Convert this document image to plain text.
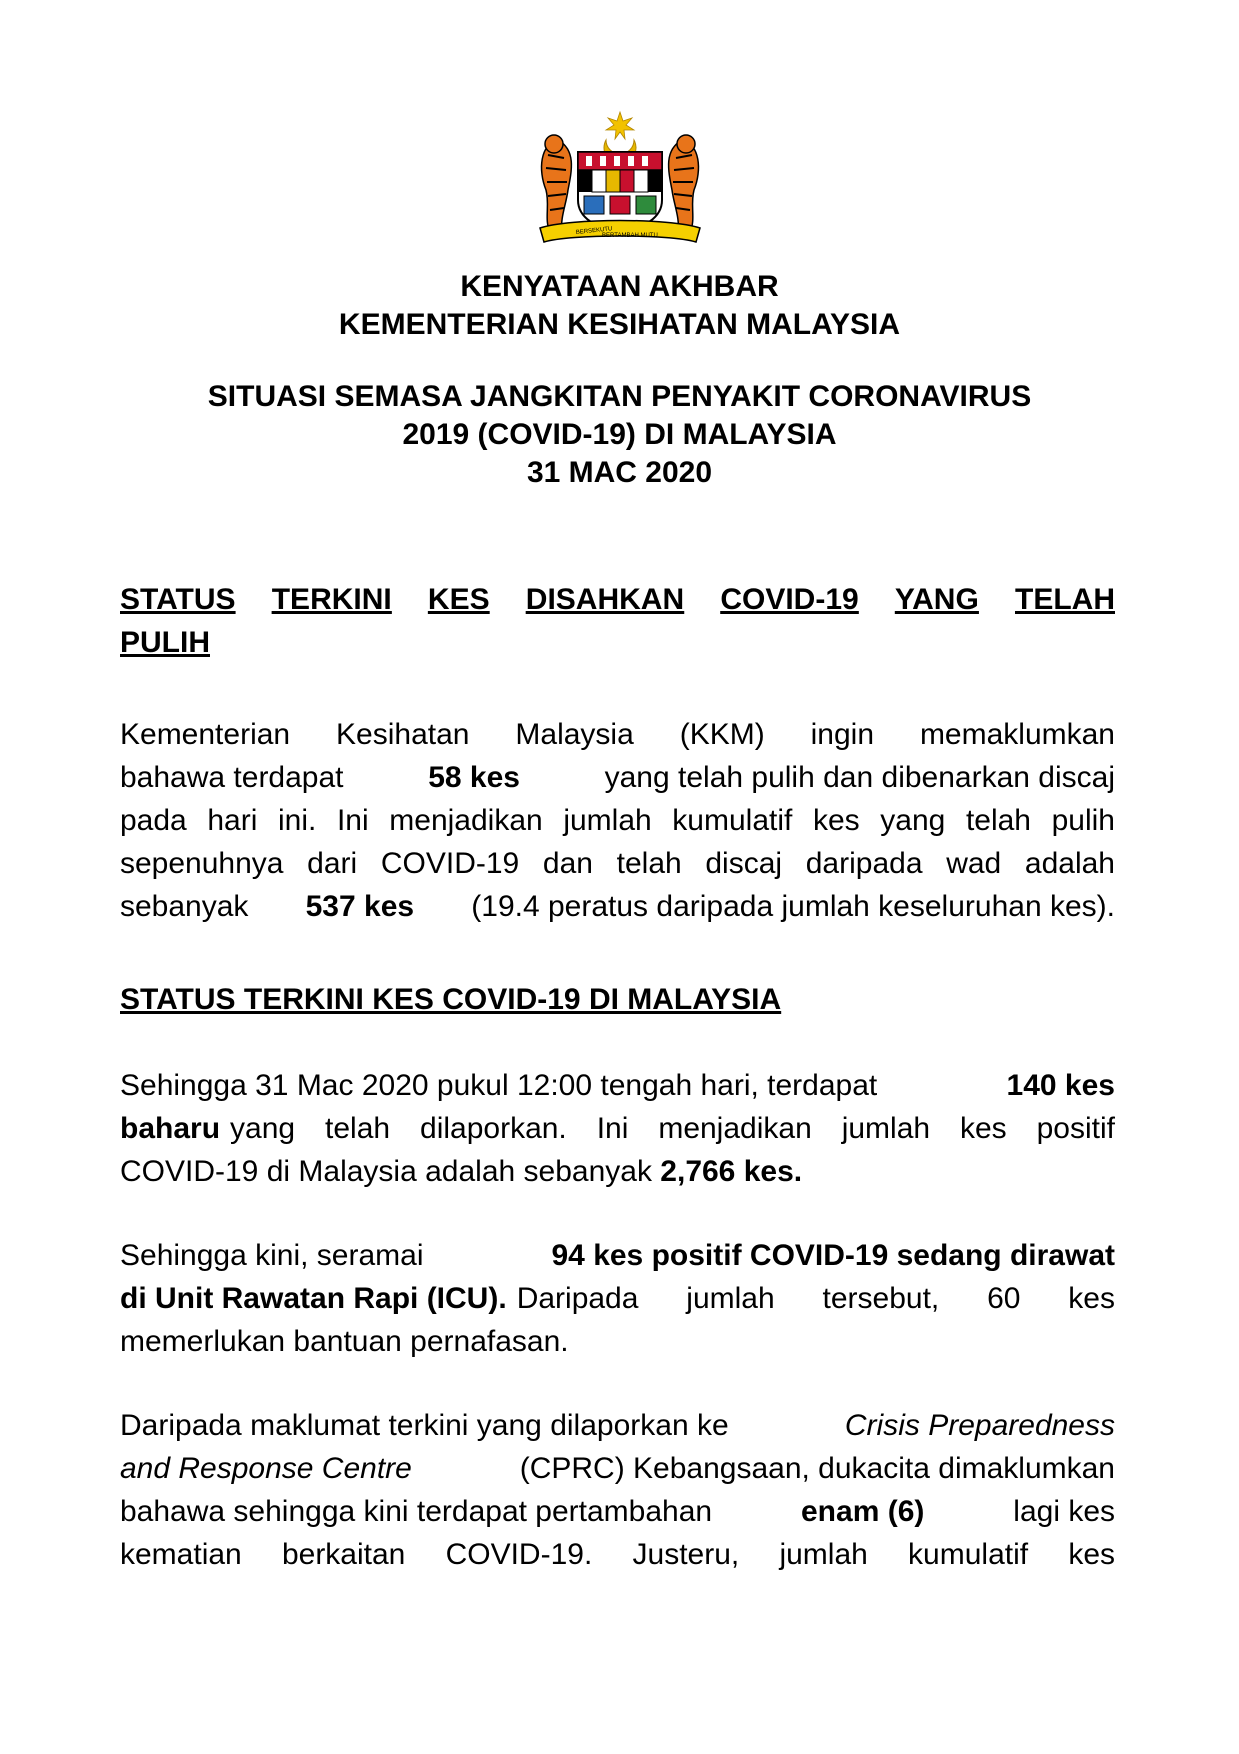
BERSEKUTU
BERTAMBAH MUTU
KENYATAAN AKHBAR
KEMENTERIAN KESIHATAN MALAYSIA
SITUASI SEMASA JANGKITAN PENYAKIT CORONAVIRUS
2019 (COVID-19) DI MALAYSIA
31 MAC 2020
STATUS TERKINI KES DISAHKAN COVID-19 YANG TELAH
PULIH
Kementerian Kesihatan Malaysia (KKM) ingin memaklumkan
bahawa terdapat	58 kes	yang telah pulih dan dibenarkan discaj
pada hari ini. Ini menjadikan jumlah kumulatif kes yang telah pulih
sepenuhnya dari COVID-19 dan telah discaj daripada wad adalah
sebanyak 537 kes (19.4 peratus daripada jumlah keseluruhan kes).
STATUS TERKINI KES COVID-19 DI MALAYSIA
Sehingga 31 Mac 2020 pukul 12:00 tengah hari, terdapat	140 kes
baharu yang telah dilaporkan. Ini menjadikan jumlah kes positif
COVID-19 di Malaysia adalah sebanyak 2,766 kes.
Sehingga kini, seramai	94 kes positif COVID-19 sedang dirawat
di Unit Rawatan Rapi (ICU). Daripada jumlah tersebut, 60 kes
memerlukan bantuan pernafasan.
Daripada maklumat terkini yang dilaporkan ke	Crisis Preparedness
and Response Centre	(CPRC) Kebangsaan, dukacita dimaklumkan
bahawa sehingga kini terdapat pertambahan	enam (6)	lagi kes
kematian berkaitan COVID-19. Justeru, jumlah kumulatif kes
